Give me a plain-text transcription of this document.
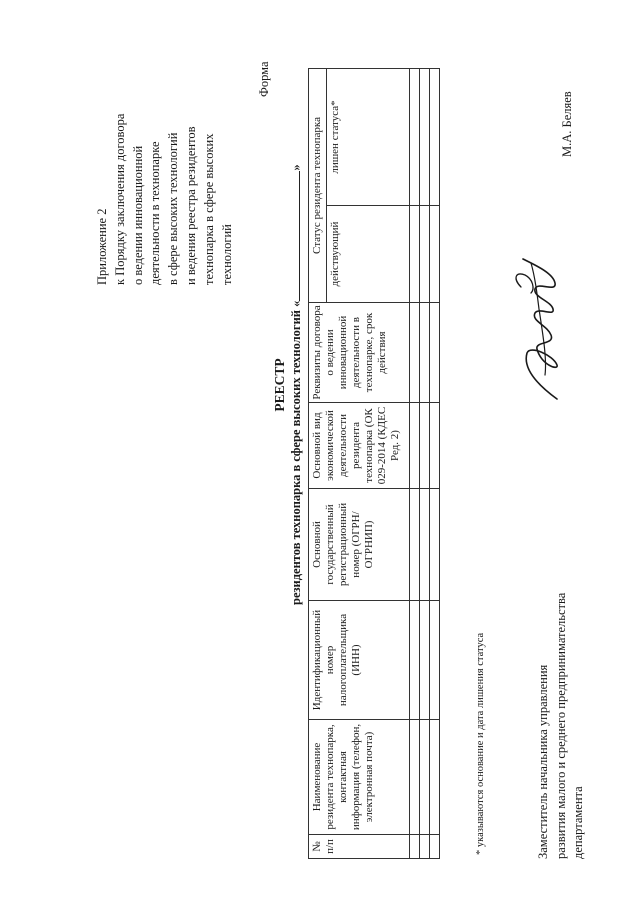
Приложение 2 к Порядку заключения договора о ведении инновационной деятельности в технопарке в сфере высоких технологий и ведения реестра резидентов технопарка в сфере высоких технологий
Форма
РЕЕСТР резидентов технопарка в сфере высоких технологий «»
№ п/п	Наименование резидента технопарка, контактная информация (телефон, электронная почта)	Идентификационный номер налогоплательщика (ИНН)	Основной государственный регистрационный номер (ОГРН/ОГРНИП)	Основной вид экономической деятельности резидента технопарка (ОК 029-2014 (КДЕС Ред. 2)	Реквизиты договора о ведении инновационной деятельности в технопарке, срок действия	Статус резидента технопарка	
						действующий	лишен статуса*

* указываются основание и дата лишения статуса	Заместитель начальника управления развития малого и среднего предпринимательства департамента
М.А. Беляев
